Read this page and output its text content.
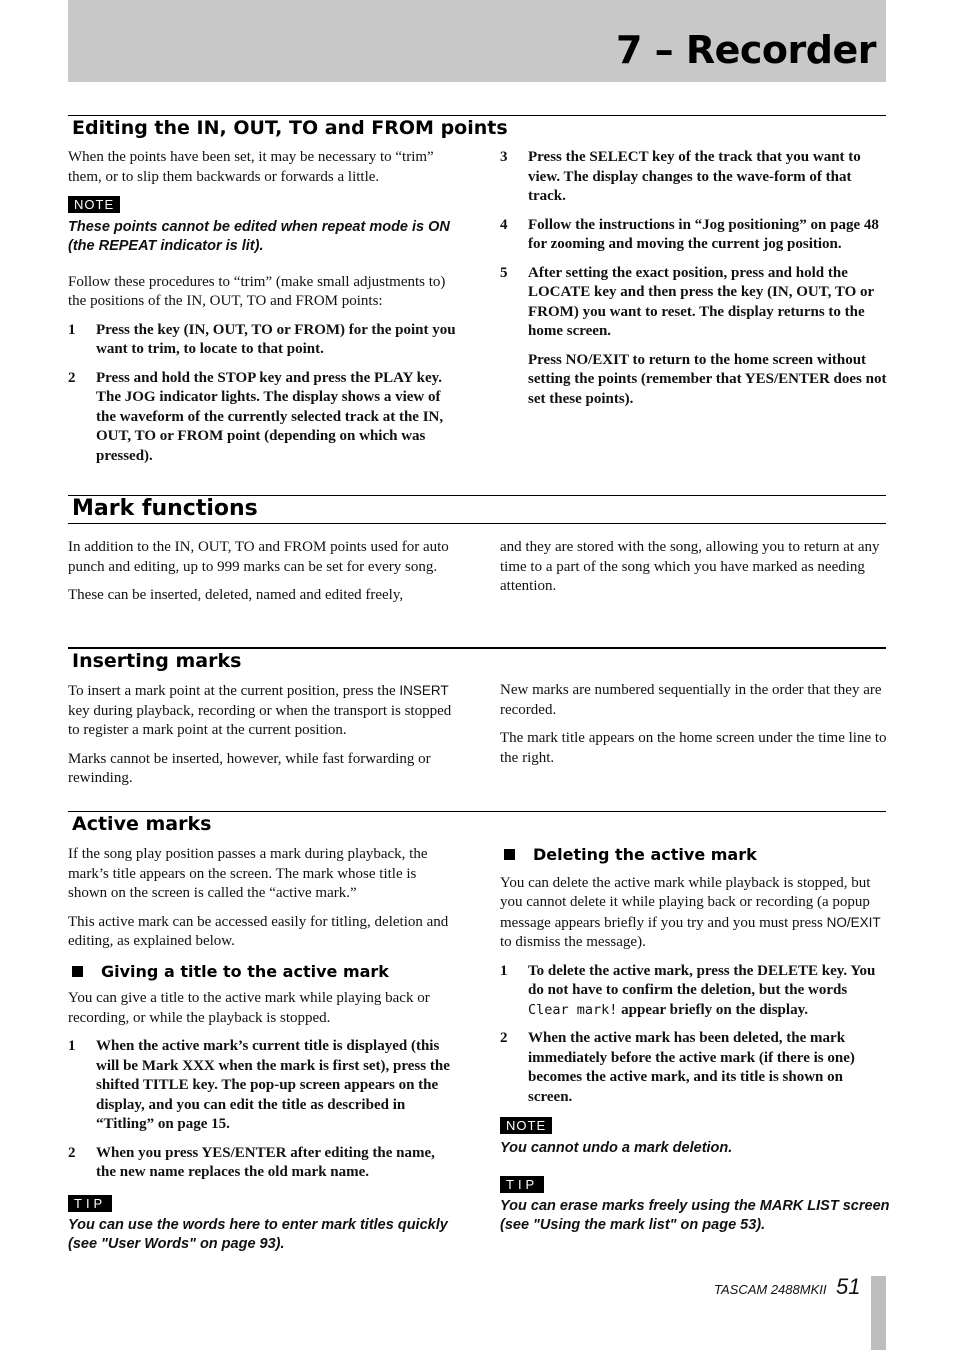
7 – Recorder
Editing the IN, OUT, TO and FROM points

When the points have been set, it may be necessary to “trim” them, or to slip them backwards or forwards a little.

NOTE
These points cannot be edited when repeat mode is ON (the REPEAT indicator is lit).

Follow these procedures to “trim” (make small adjustments to) the positions of the IN, OUT, TO and FROM points:

1 Press the key (IN, OUT, TO or FROM) for the point you want to trim, to locate to that point.
2 Press and hold the STOP key and press the PLAY key. The JOG indicator lights. The display shows a view of the waveform of the currently selected track at the IN, OUT, TO or FROM point (depending on which was pressed).
3 Press the SELECT key of the track that you want to view. The display changes to the wave-form of that track.
4 Follow the instructions in “Jog positioning” on page 48 for zooming and moving the current jog position.
5 After setting the exact position, press and hold the LOCATE key and then press the key (IN, OUT, TO or FROM) you want to reset. The display returns to the home screen.
Press NO/EXIT to return to the home screen without setting the points (remember that YES/ENTER does not set these points).
Mark functions

In addition to the IN, OUT, TO and FROM points used for auto punch and editing, up to 999 marks can be set for every song.

These can be inserted, deleted, named and edited freely,

and they are stored with the song, allowing you to return at any time to a part of the song which you have marked as needing attention.

Inserting marks

To insert a mark point at the current position, press the INSERT key during playback, recording or when the transport is stopped to register a mark point at the current position.

Marks cannot be inserted, however, while fast forwarding or rewinding.

New marks are numbered sequentially in the order that they are recorded.

The mark title appears on the home screen under the time line to the right.

Active marks

If the song play position passes a mark during playback, the mark’s title appears on the screen. The mark whose title is shown on the screen is called the “active mark.”

This active mark can be accessed easily for titling, deletion and editing, as explained below.

Giving a title to the active mark

You can give a title to the active mark while playing back or recording, or while the playback is stopped.

1 When the active mark’s current title is displayed (this will be Mark XXX when the mark is first set), press the shifted TITLE key. The pop-up screen appears on the display, and you can edit the title as described in “Titling” on page 15.
2 When you press YES/ENTER after editing the name, the new name replaces the old mark name.
TIP
You can use the words here to enter mark titles quickly (see "User Words" on page 93).
Deleting the active mark

You can delete the active mark while playback is stopped, but you cannot delete it while playing back or recording (a popup message appears briefly if you try and you must press NO/EXIT to dismiss the message).

1 To delete the active mark, press the DELETE key. You do not have to confirm the deletion, but the words Clear mark! appear briefly on the display.
2 When the active mark has been deleted, the mark immediately before the active mark (if there is one) becomes the active mark, and its title is shown on screen.
NOTE
You cannot undo a mark deletion.
TIP
You can erase marks freely using the MARK LIST screen (see "Using the mark list" on page 53).
TASCAM 2488MKII 51
